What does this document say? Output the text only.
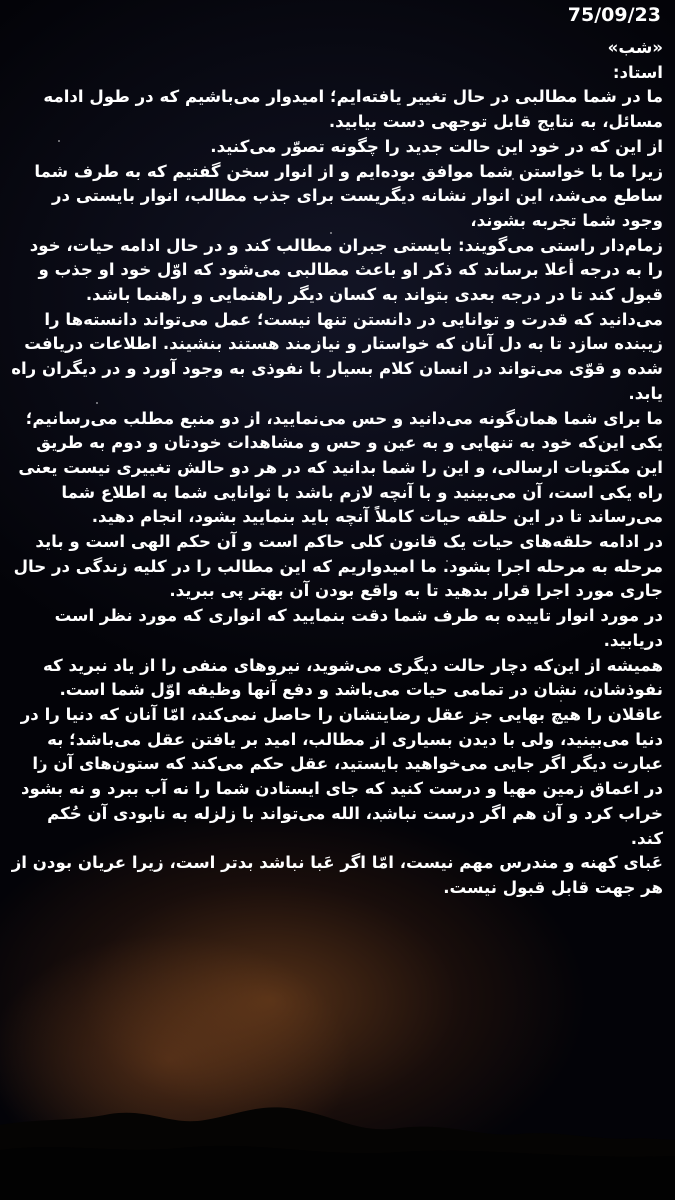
75/09/23

«شب»

استاد:

ما در شما مطالبی در حال تغییر یافته‌ایم؛ امیدوار می‌باشیم که در طول ادامه مسائل، به نتایج قابل توجهی دست بیابید.

از این که در خود این حالت جدید را چگونه تصوّر می‌کنید.

زیرا ما با خواستن شما موافق بوده‌ایم و از انوار سخن گفتیم که به طرف شما ساطع می‌شد، این انوار نشانه دیگریست برای جذب مطالب، انوار بایستی در وجود شما تجربه بشوند،

زمام‌دار راستی می‌گویند: بایستی جبران مطالب کند و در حال ادامه حیات، خود را به درجه أعلا برساند که ذکر او باعث مطالبی می‌شود که اوّل خود او جذب و قبول کند تا در درجه بعدی بتواند به کسان دیگر راهنمایی و راهنما باشد.

می‌دانید که قدرت و توانایی در دانستن تنها نیست؛ عمل می‌تواند دانسته‌ها را زیبنده سازد تا به دل آنان که خواستار و نیازمند هستند بنشیند. اطلاعات دریافت شده و قوّی می‌تواند در انسان کلام بسیار با نفوذی به وجود آورد و در دیگران راه یابد.

ما برای شما همان‌گونه می‌دانید و حس می‌نمایید، از دو منبع مطلب می‌رسانیم؛ یکی این‌که خود به تنهایی و به عین و حس و مشاهدات خودتان و دوم به طریق این مکتوبات ارسالی، و این را شما بدانید که در هر دو حالش تغییری نیست یعنی راه یکی است، آن می‌بینید و با آنچه لازم باشد با توانایی شما به اطلاع شما می‌رساند تا در این حلقه حیات کاملاً آنچه باید بنمایید بشود، انجام دهید.

در ادامه حلقه‌های حیات یک قانون کلی حاکم است و آن حکم الهی است و باید مرحله به مرحله اجرا بشود. ما امیدواریم که این مطالب را در کلیه زندگی در حال جاری مورد اجرا قرار بدهید تا به واقع بودن آن بهتر پی ببرید.

در مورد انوار تاییده به طرف شما دقت بنمایید که انواری که مورد نظر است دریابید.

همیشه از این‌که دچار حالت دیگری می‌شوید، نیروهای منفی را از یاد نبرید که نفوذشان، نشان در تمامی حیات می‌باشد و دفع آنها وظیفه اوّل شما است.

عاقلان را هیچ بهایی جز عقل رضایتشان را حاصل نمی‌کند، امّا آنان که دنیا را در دنیا می‌بینید، ولی با دیدن بسیاری از مطالب، امید بر یافتن عقل می‌باشد؛ به عبارت دیگر اگر جایی می‌خواهید بایستید، عقل حکم می‌کند که ستون‌های آن را در اعماق زمین مهیا و درست کنید که جای ایستادن شما را نه آب ببرد و نه بشود خراب کرد و آن هم اگر درست نباشد، الله می‌تواند با زلزله به نابودی آن حُکم کند.

عَبای کهنه و مندرس مهم نیست، امّا اگر عَبا نباشد بدتر است، زیرا عریان بودن از هر جهت قابل قبول نیست.
